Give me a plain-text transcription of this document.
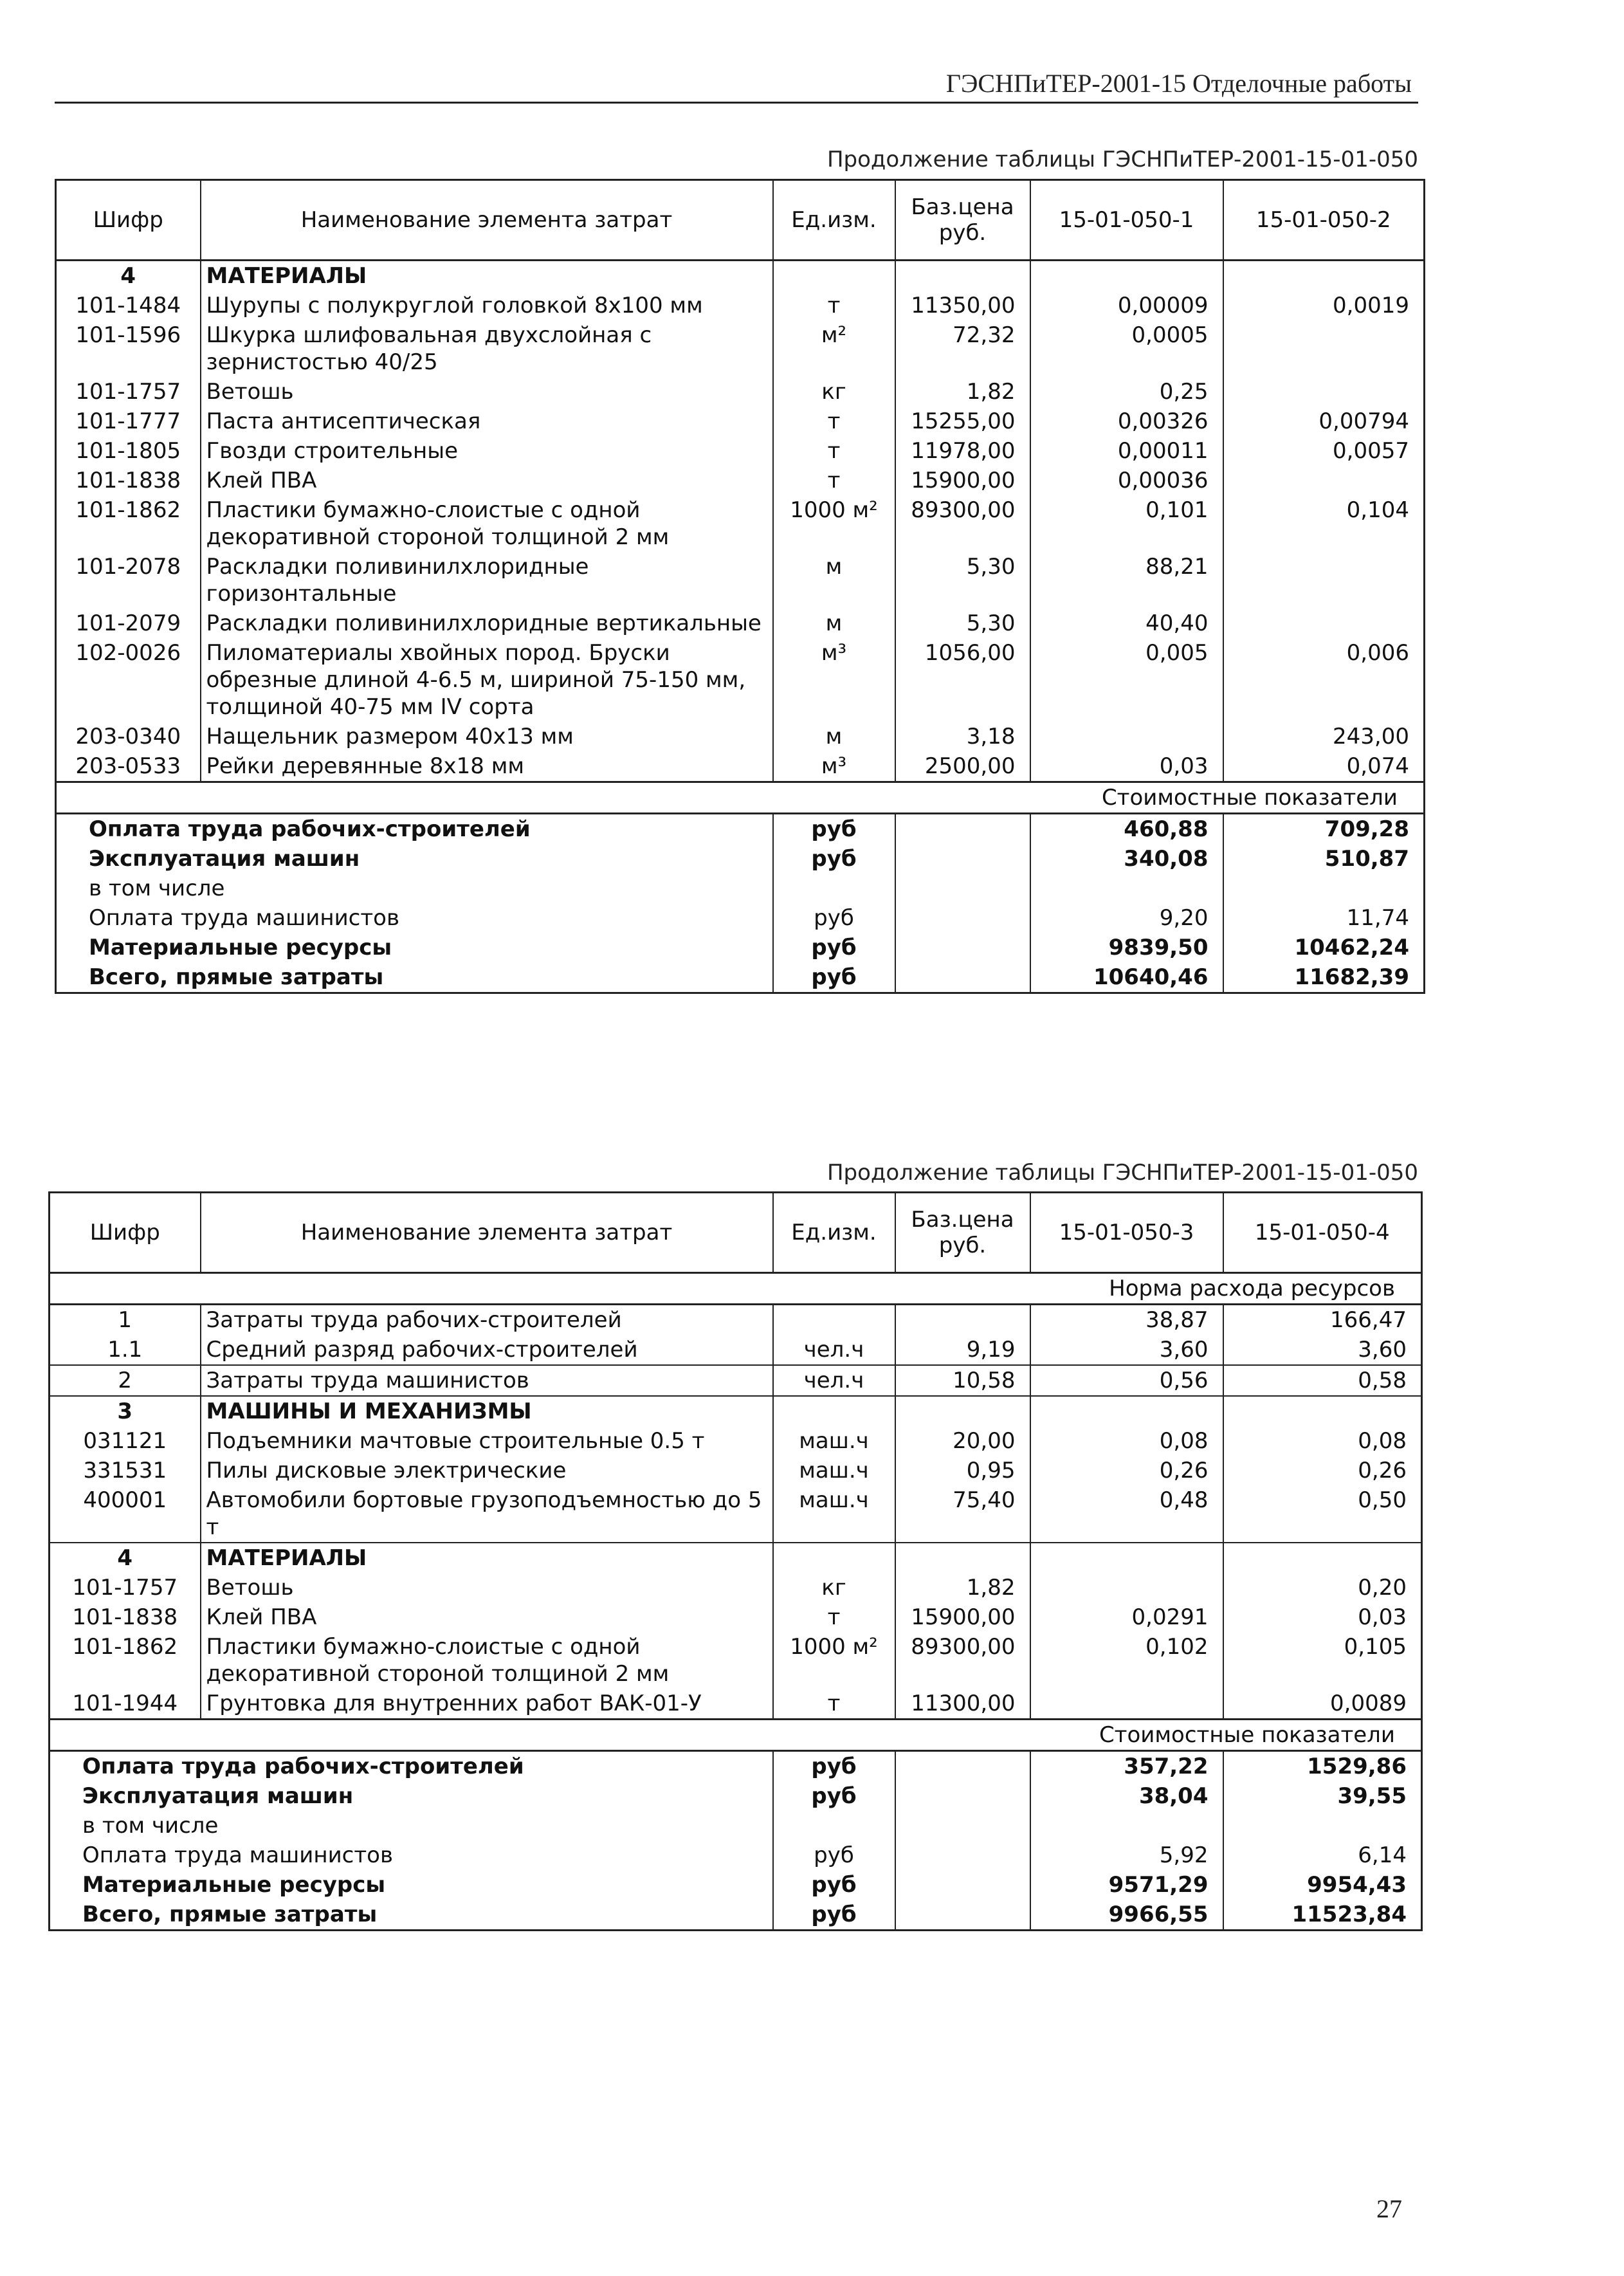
ГЭСНПиТЕР-2001-15 Отделочные работы
Продолжение таблицы ГЭСНПиТЕР-2001-15-01-050
Шифр	Наименование элемента затрат	Ед.изм.	Баз.цена руб.	15-01-050-1	15-01-050-2
4	МАТЕРИАЛЫ				
101-1484	Шурупы с полукруглой головкой 8х100 мм	т	11350,00	0,00009	0,0019
101-1596	Шкурка шлифовальная двухслойная с зернистостью 40/25	м²	72,32	0,0005	
101-1757	Ветошь	кг	1,82	0,25	
101-1777	Паста антисептическая	т	15255,00	0,00326	0,00794
101-1805	Гвозди строительные	т	11978,00	0,00011	0,0057
101-1838	Клей ПВА	т	15900,00	0,00036	
101-1862	Пластики бумажно-слоистые с одной декоративной стороной толщиной 2 мм	1000 м²	89300,00	0,101	0,104
101-2078	Раскладки поливинилхлоридные горизонтальные	м	5,30	88,21	
101-2079	Раскладки поливинилхлоридные вертикальные	м	5,30	40,40	
102-0026	Пиломатериалы хвойных пород. Бруски обрезные длиной 4-6.5 м, шириной 75-150 мм, толщиной 40-75 мм IV сорта	м³	1056,00	0,005	0,006
203-0340	Нащельник размером 40х13 мм	м	3,18		243,00
203-0533	Рейки деревянные 8х18 мм	м³	2500,00	0,03	0,074
Стоимостные показатели					
Оплата труда рабочих-строителей		руб		460,88	709,28
Эксплуатация машин		руб		340,08	510,87
в том числе					
Оплата труда машинистов		руб		9,20	11,74
Материальные ресурсы		руб		9839,50	10462,24
Всего, прямые затраты		руб		10640,46	11682,39
Продолжение таблицы ГЭСНПиТЕР-2001-15-01-050
Шифр	Наименование элемента затрат	Ед.изм.	Баз.цена руб.	15-01-050-3	15-01-050-4
Норма расхода ресурсов					
1	Затраты труда рабочих-строителей			38,87	166,47
1.1	Средний разряд рабочих-строителей	чел.ч	9,19	3,60	3,60
2	Затраты труда машинистов	чел.ч	10,58	0,56	0,58
3	МАШИНЫ И МЕХАНИЗМЫ				
031121	Подъемники мачтовые строительные 0.5 т	маш.ч	20,00	0,08	0,08
331531	Пилы дисковые электрические	маш.ч	0,95	0,26	0,26
400001	Автомобили бортовые грузоподъемностью до 5 т	маш.ч	75,40	0,48	0,50
4	МАТЕРИАЛЫ				
101-1757	Ветошь	кг	1,82		0,20
101-1838	Клей ПВА	т	15900,00	0,0291	0,03
101-1862	Пластики бумажно-слоистые с одной декоративной стороной толщиной 2 мм	1000 м²	89300,00	0,102	0,105
101-1944	Грунтовка для внутренних работ ВАК-01-У	т	11300,00		0,0089
Стоимостные показатели					
Оплата труда рабочих-строителей		руб		357,22	1529,86
Эксплуатация машин		руб		38,04	39,55
в том числе					
Оплата труда машинистов		руб		5,92	6,14
Материальные ресурсы		руб		9571,29	9954,43
Всего, прямые затраты		руб		9966,55	11523,84
27
